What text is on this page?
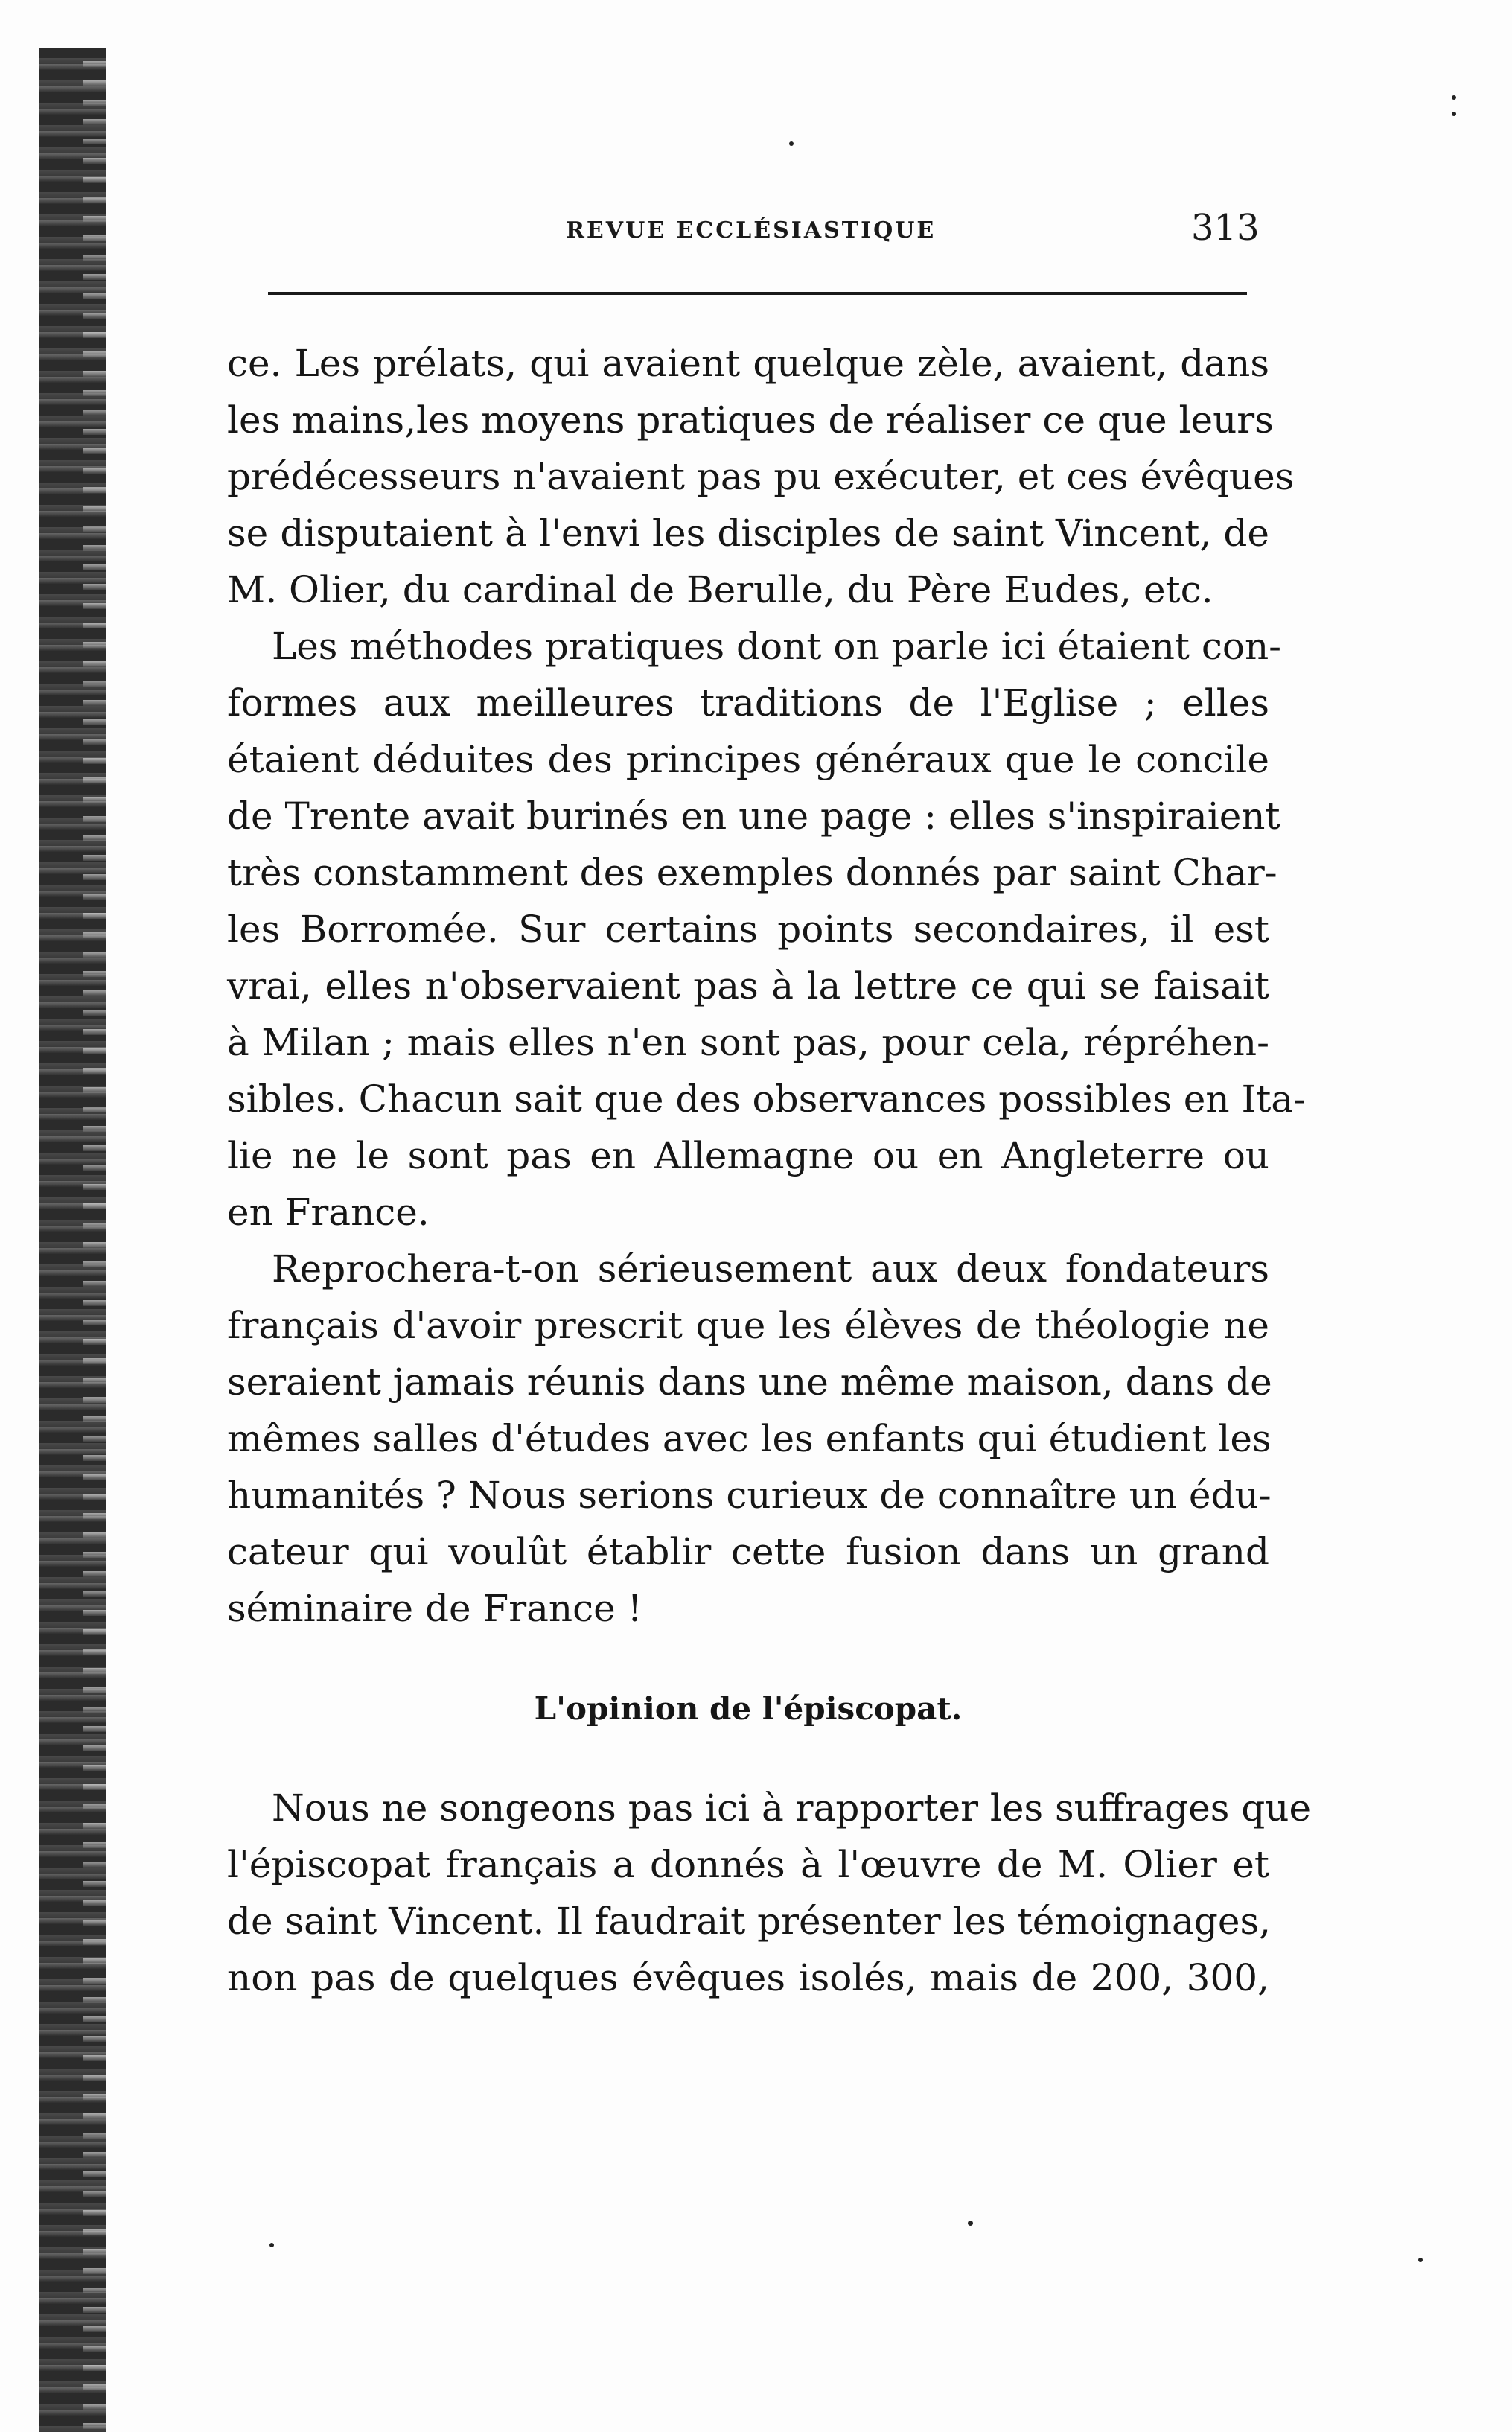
REVUE ECCLÉSIASTIQUE	313
ce. Les prélats, qui avaient quelque zèle, avaient, dans
les mains,les moyens pratiques de réaliser ce que leurs
prédécesseurs n'avaient pas pu exécuter, et ces évêques
se disputaient à l'envi les disciples de saint Vincent, de
M. Olier, du cardinal de Berulle, du Père Eudes, etc.
Les méthodes pratiques dont on parle ici étaient con-
formes aux meilleures traditions de l'Eglise ; elles
étaient déduites des principes généraux que le concile
de Trente avait burinés en une page : elles s'inspiraient
très constamment des exemples donnés par saint Char-
les Borromée. Sur certains points secondaires, il est
vrai, elles n'observaient pas à la lettre ce qui se faisait
à Milan ; mais elles n'en sont pas, pour cela, répréhen-
sibles. Chacun sait que des observances possibles en Ita-
lie ne le sont pas en Allemagne ou en Angleterre ou
en France.
Reprochera-t-on sérieusement aux deux fondateurs
français d'avoir prescrit que les élèves de théologie ne
seraient jamais réunis dans une même maison, dans de
mêmes salles d'études avec les enfants qui étudient les
humanités ? Nous serions curieux de connaître un édu-
cateur qui voulût établir cette fusion dans un grand
séminaire de France !
L'opinion de l'épiscopat.
Nous ne songeons pas ici à rapporter les suffrages que
l'épiscopat français a donnés à l'œuvre de M. Olier et
de saint Vincent. Il faudrait présenter les témoignages,
non pas de quelques évêques isolés, mais de 200, 300,
